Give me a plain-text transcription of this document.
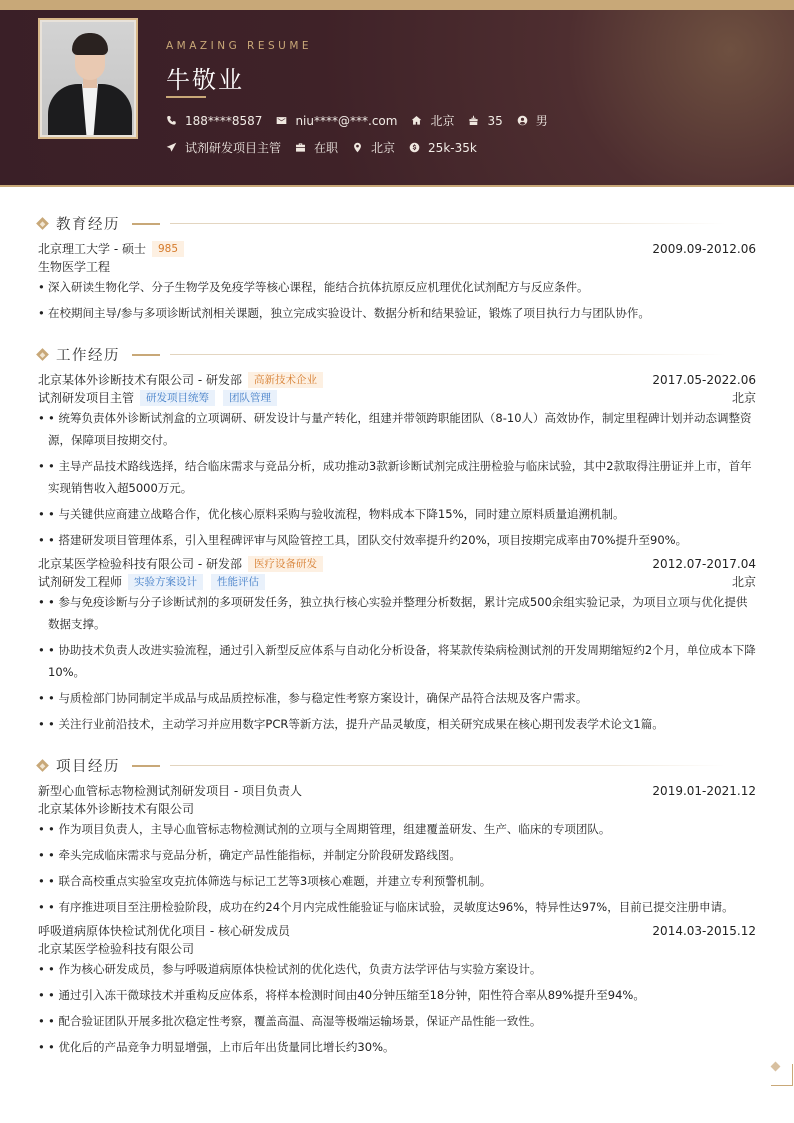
AMAZING RESUME
牛敬业
188****8587	niu****@***.com	北京	35	男
试剂研发项目主管	在职	北京	25k-35k
教育经历
北京理工大学 - 硕士	985	2009.09-2012.06
生物医学工程
• 深入研读生物化学、分子生物学及免疫学等核心课程，能结合抗体抗原反应机理优化试剂配方与反应条件。
• 在校期间主导/参与多项诊断试剂相关课题，独立完成实验设计、数据分析和结果验证，锻炼了项目执行力与团队协作。
工作经历
北京某体外诊断技术有限公司 - 研发部	高新技术企业	2017.05-2022.06
试剂研发项目主管	研发项目统筹	团队管理	北京
• • 统筹负责体外诊断试剂盒的立项调研、研发设计与量产转化，组建并带领跨职能团队（8-10人）高效协作，制定里程碑计划并动态调整资源，保障项目按期交付。
• • 主导产品技术路线选择，结合临床需求与竞品分析，成功推动3款新诊断试剂完成注册检验与临床试验，其中2款取得注册证并上市，首年实现销售收入超5000万元。
• • 与关键供应商建立战略合作，优化核心原料采购与验收流程，物料成本下降15%，同时建立原料质量追溯机制。
• • 搭建研发项目管理体系，引入里程碑评审与风险管控工具，团队交付效率提升约20%，项目按期完成率由70%提升至90%。
北京某医学检验科技有限公司 - 研发部	医疗设备研发	2012.07-2017.04
试剂研发工程师	实验方案设计	性能评估	北京
• • 参与免疫诊断与分子诊断试剂的多项研发任务，独立执行核心实验并整理分析数据，累计完成500余组实验记录，为项目立项与优化提供数据支撑。
• • 协助技术负责人改进实验流程，通过引入新型反应体系与自动化分析设备，将某款传染病检测试剂的开发周期缩短约2个月，单位成本下降10%。
• • 与质检部门协同制定半成品与成品质控标准，参与稳定性考察方案设计，确保产品符合法规及客户需求。
• • 关注行业前沿技术，主动学习并应用数字PCR等新方法，提升产品灵敏度，相关研究成果在核心期刊发表学术论文1篇。
项目经历
新型心血管标志物检测试剂研发项目 - 项目负责人	2019.01-2021.12
北京某体外诊断技术有限公司
• • 作为项目负责人，主导心血管标志物检测试剂的立项与全周期管理，组建覆盖研发、生产、临床的专项团队。
• • 牵头完成临床需求与竞品分析，确定产品性能指标，并制定分阶段研发路线图。
• • 联合高校重点实验室攻克抗体筛选与标记工艺等3项核心难题，并建立专利预警机制。
• • 有序推进项目至注册检验阶段，成功在约24个月内完成性能验证与临床试验，灵敏度达96%，特异性达97%，目前已提交注册申请。
呼吸道病原体快检试剂优化项目 - 核心研发成员	2014.03-2015.12
北京某医学检验科技有限公司
• • 作为核心研发成员，参与呼吸道病原体快检试剂的优化迭代，负责方法学评估与实验方案设计。
• • 通过引入冻干微球技术并重构反应体系，将样本检测时间由40分钟压缩至18分钟，阳性符合率从89%提升至94%。
• • 配合验证团队开展多批次稳定性考察，覆盖高温、高湿等极端运输场景，保证产品性能一致性。
• • 优化后的产品竞争力明显增强，上市后年出货量同比增长约30%。
